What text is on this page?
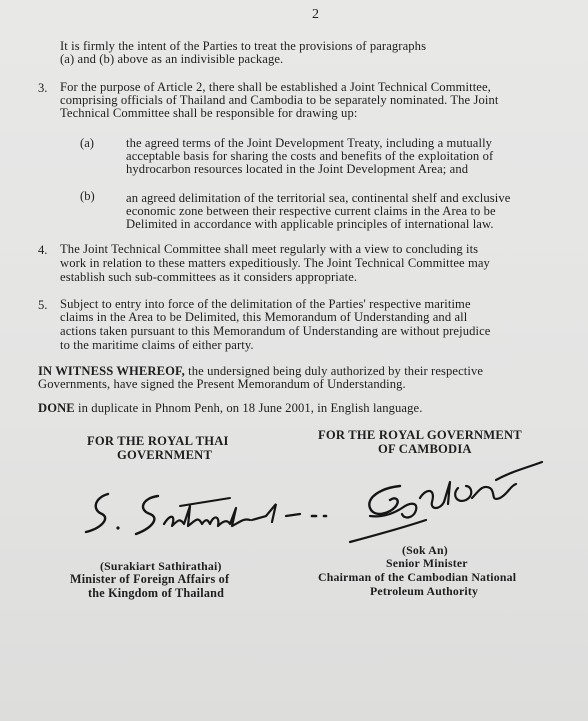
2
It is firmly the intent of the Parties to treat the provisions of paragraphs
(a) and (b) above as an indivisible package.
3. For the purpose of Article 2, there shall be established a Joint Technical Committee,
comprising officials of Thailand and Cambodia to be separately nominated. The Joint
Technical Committee shall be responsible for drawing up:
(a)	the agreed terms of the Joint Development Treaty, including a mutually
acceptable basis for sharing the costs and benefits of the exploitation of
hydrocarbon resources located in the Joint Development Area; and
(b) an agreed delimitation of the territorial sea, continental shelf and exclusive
economic zone between their respective current claims in the Area to be
Delimited in accordance with applicable principles of international law.
4. The Joint Technical Committee shall meet regularly with a view to concluding its
work in relation to these matters expeditiously. The Joint Technical Committee may
establish such sub-committees as it considers appropriate.
5. Subject to entry into force of the delimitation of the Parties' respective maritime
claims in the Area to be Delimited, this Memorandum of Understanding and all
actions taken pursuant to this Memorandum of Understanding are without prejudice
to the maritime claims of either party.
IN WITNESS WHEREOF, the undersigned being duly authorized by their respective
Governments, have signed the Present Memorandum of Understanding.
DONE in duplicate in Phnom Penh, on 18 June 2001, in English language.
FOR THE ROYAL THAI
GOVERNMENT
FOR THE ROYAL GOVERNMENT
OF CAMBODIA
(Surakiart Sathirathai)
Minister of Foreign Affairs of
the Kingdom of Thailand
(Sok An)
Senior Minister
Chairman of the Cambodian National
Petroleum Authority
